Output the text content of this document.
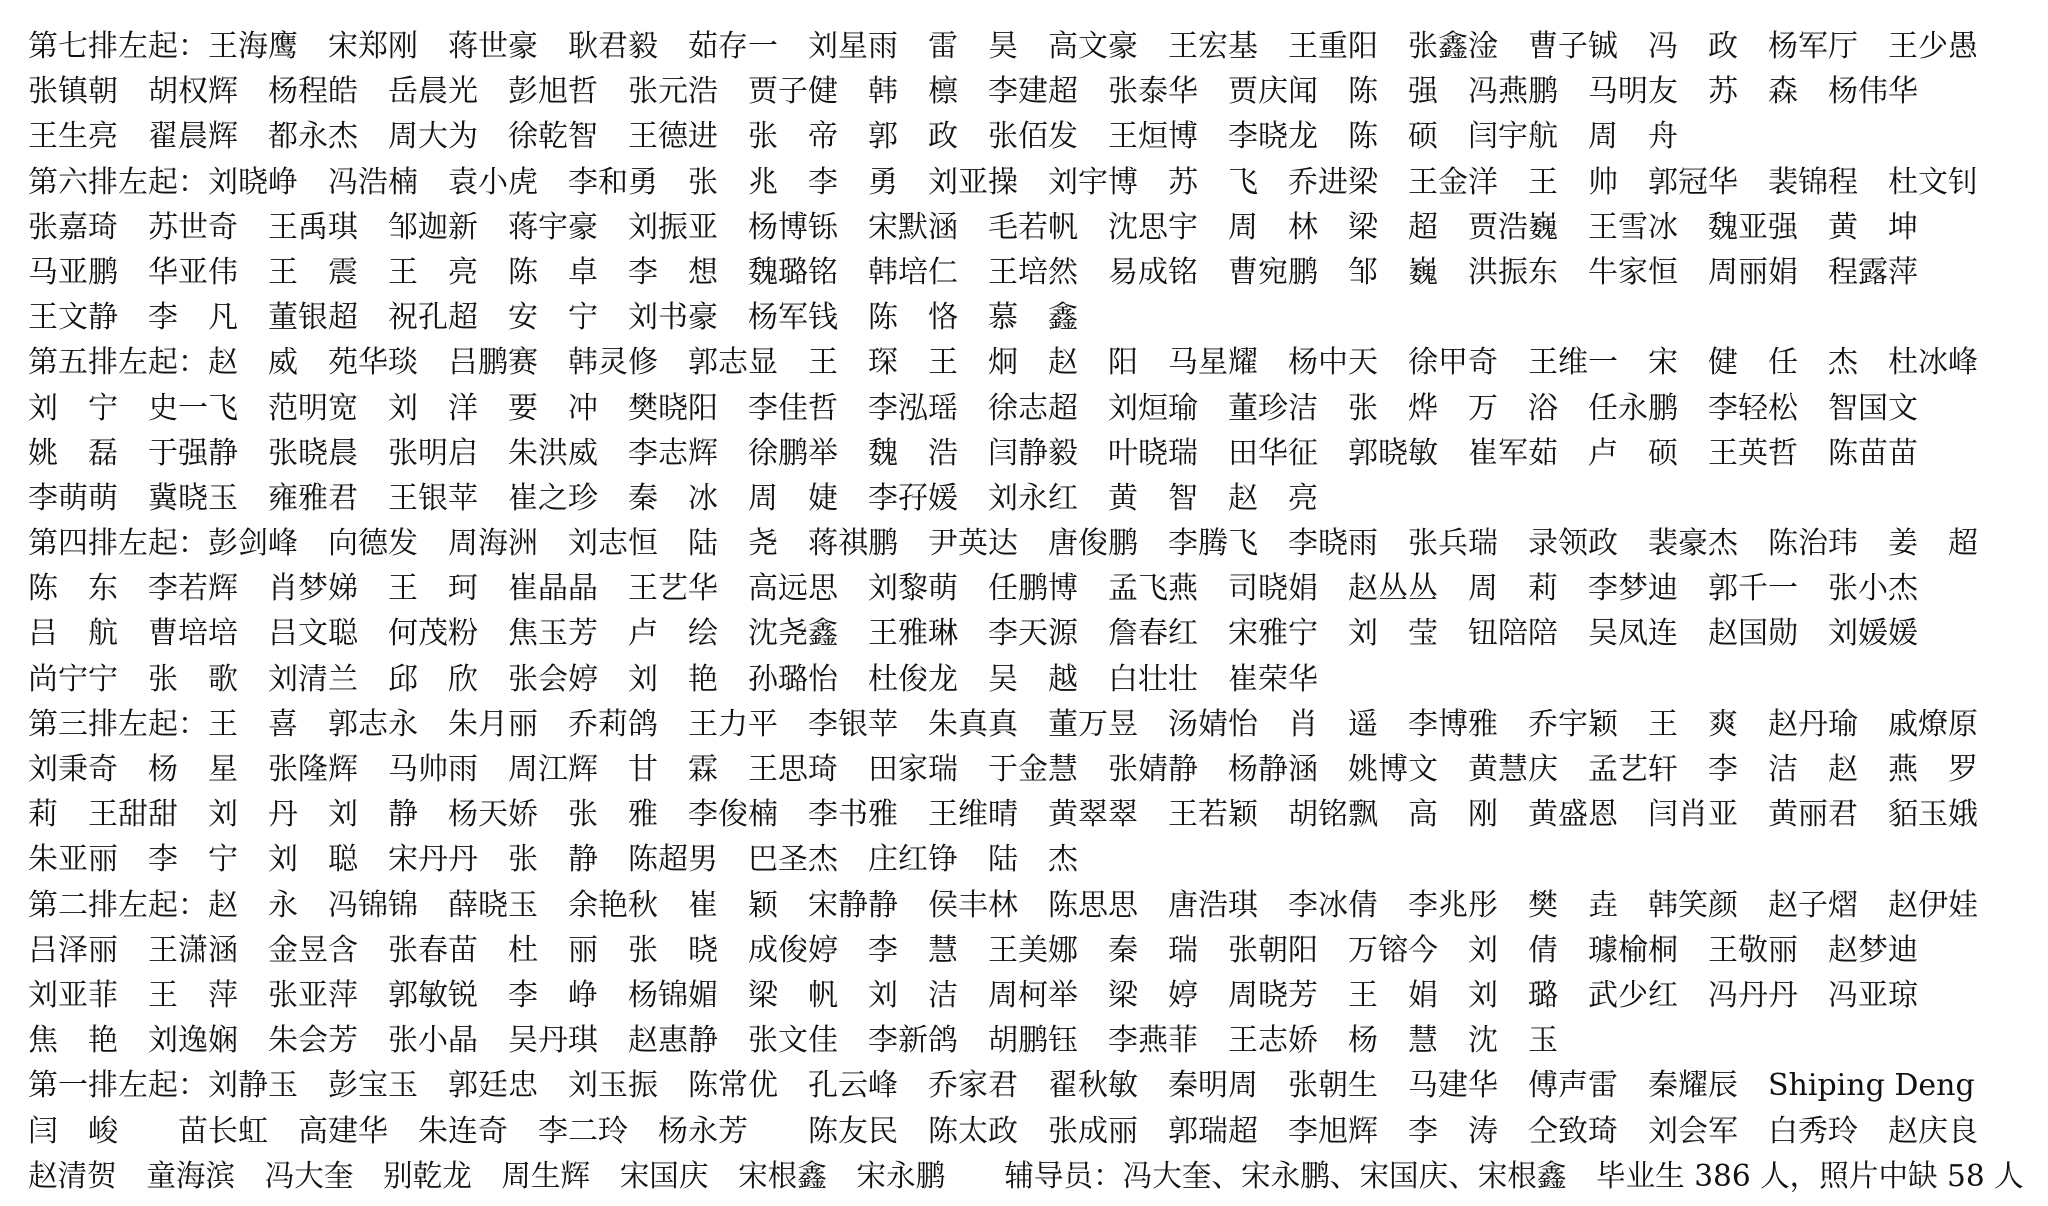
第七排左起：王海鹰　宋郑刚　蒋世豪　耿君毅　茹存一　刘星雨　雷　昊　高文豪　王宏基　王重阳　张鑫淦　曹子铖　冯　政　杨军厅　王少愚
张镇朝　胡权辉　杨程皓　岳晨光　彭旭哲　张元浩　贾子健　韩　檩　李建超　张泰华　贾庆闻　陈　强　冯燕鹏　马明友　苏　森　杨伟华
王生亮　翟晨辉　都永杰　周大为　徐乾智　王德进　张　帝　郭　政　张佰发　王烜博　李晓龙　陈　硕　闫宇航　周　舟
第六排左起：刘晓峥　冯浩楠　袁小虎　李和勇　张　兆　李　勇　刘亚操　刘宇博　苏　飞　乔进梁　王金洋　王　帅　郭冠华　裴锦程　杜文钊
张嘉琦　苏世奇　王禹琪　邹迦新　蒋宇豪　刘振亚　杨博铄　宋默涵　毛若帆　沈思宇　周　林　梁　超　贾浩巍　王雪冰　魏亚强　黄　坤
马亚鹏　华亚伟　王　震　王　亮　陈　卓　李　想　魏璐铭　韩培仁　王培然　易成铭　曹宛鹏　邹　巍　洪振东　牛家恒　周丽娟　程露萍
王文静　李　凡　董银超　祝孔超　安　宁　刘书豪　杨军钱　陈　恪　慕　鑫
第五排左起：赵　威　苑华琰　吕鹏赛　韩灵修　郭志显　王　琛　王　炯　赵　阳　马星耀　杨中天　徐甲奇　王维一　宋　健　任　杰　杜冰峰
刘　宁　史一飞　范明宽　刘　洋　要　冲　樊晓阳　李佳哲　李泓瑶　徐志超　刘烜瑜　董珍洁　张　烨　万　浴　任永鹏　李轻松　智国文
姚　磊　于强静　张晓晨　张明启　朱洪威　李志辉　徐鹏举　魏　浩　闫静毅　叶晓瑞　田华征　郭晓敏　崔军茹　卢　硕　王英哲　陈苗苗
李萌萌　冀晓玉　雍雅君　王银苹　崔之珍　秦　冰　周　婕　李孖媛　刘永红　黄　智　赵　亮
第四排左起：彭剑峰　向德发　周海洲　刘志恒　陆　尧　蒋祺鹏　尹英达　唐俊鹏　李腾飞　李晓雨　张兵瑞　录领政　裴豪杰　陈治玮　姜　超
陈　东　李若辉　肖梦娣　王　珂　崔晶晶　王艺华　高远思　刘黎萌　任鹏博　孟飞燕　司晓娟　赵丛丛　周　莉　李梦迪　郭千一　张小杰
吕　航　曹培培　吕文聪　何茂粉　焦玉芳　卢　绘　沈尧鑫　王雅琳　李天源　詹春红　宋雅宁　刘　莹　钮陪陪　吴凤连　赵国勋　刘媛媛
尚宁宁　张　歌　刘清兰　邱　欣　张会婷　刘　艳　孙璐怡　杜俊龙　吴　越　白壮壮　崔荣华
第三排左起：王　喜　郭志永　朱月丽　乔莉鸽　王力平　李银苹　朱真真　董万昱　汤婧怡　肖　遥　李博雅　乔宇颖　王　爽　赵丹瑜　戚燎原
刘秉奇　杨　星　张隆辉　马帅雨　周江辉　甘　霖　王思琦　田家瑞　于金慧　张婧静　杨静涵　姚博文　黄慧庆　孟艺轩　李　洁　赵　燕　罗
莉　王甜甜　刘　丹　刘　静　杨天娇　张　雅　李俊楠　李书雅　王维晴　黄翠翠　王若颖　胡铭飘　高　刚　黄盛恩　闫肖亚　黄丽君　貊玉娥
朱亚丽　李　宁　刘　聪　宋丹丹　张　静　陈超男　巴圣杰　庄红铮　陆　杰
第二排左起：赵　永　冯锦锦　薛晓玉　余艳秋　崔　颖　宋静静　侯丰林　陈思思　唐浩琪　李冰倩　李兆彤　樊　垚　韩笑颜　赵子熠　赵伊娃
吕泽丽　王潇涵　金昱含　张春苗　杜　丽　张　晓　成俊婷　李　慧　王美娜　秦　瑞　张朝阳　万镕今　刘　倩　璩榆桐　王敬丽　赵梦迪
刘亚菲　王　萍　张亚萍　郭敏锐　李　峥　杨锦媚　梁　帆　刘　洁　周柯举　梁　婷　周晓芳　王　娟　刘　璐　武少红　冯丹丹　冯亚琼
焦　艳　刘逸娴　朱会芳　张小晶　吴丹琪　赵惠静　张文佳　李新鸽　胡鹏钰　李燕菲　王志娇　杨　慧　沈　玉
第一排左起：刘静玉　彭宝玉　郭廷忠　刘玉振　陈常优　孔云峰　乔家君　翟秋敏　秦明周　张朝生　马建华　傅声雷　秦耀辰　Shiping Deng
闫　峻　　苗长虹　高建华　朱连奇　李二玲　杨永芳　　陈友民　陈太政　张成丽　郭瑞超　李旭辉　李　涛　仝致琦　刘会军　白秀玲　赵庆良
赵清贺　童海滨　冯大奎　别乾龙　周生辉　宋国庆　宋根鑫　宋永鹏　　辅导员：冯大奎、宋永鹏、宋国庆、宋根鑫　毕业生 386 人，照片中缺 58 人
